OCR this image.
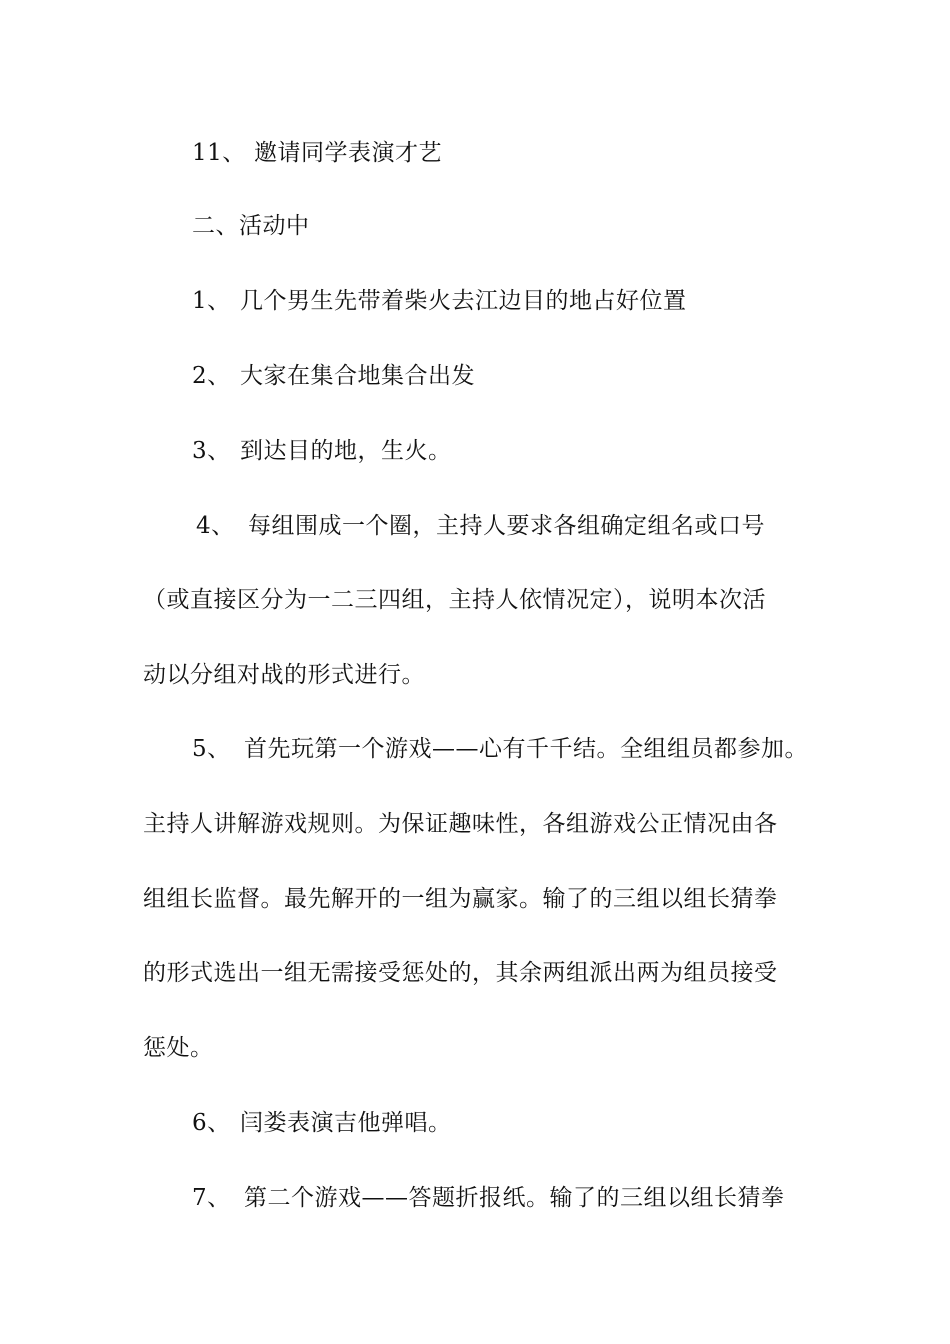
11、 邀请同学表演才艺
二、活动中
1、 几个男生先带着柴火去江边目的地占好位置
2、 大家在集合地集合出发
3、 到达目的地，生火。
4、 每组围成一个圈，主持人要求各组确定组名或口号
（或直接区分为一二三四组，主持人依情况定），说明本次活
动以分组对战的形式进行。
5、 首先玩第一个游戏——心有千千结。全组组员都参加。
主持人讲解游戏规则。为保证趣味性，各组游戏公正情况由各
组组长监督。最先解开的一组为赢家。输了的三组以组长猜拳
的形式选出一组无需接受惩处的，其余两组派出两为组员接受
惩处。
6、 闫娄表演吉他弹唱。
7、 第二个游戏——答题折报纸。输了的三组以组长猜拳
